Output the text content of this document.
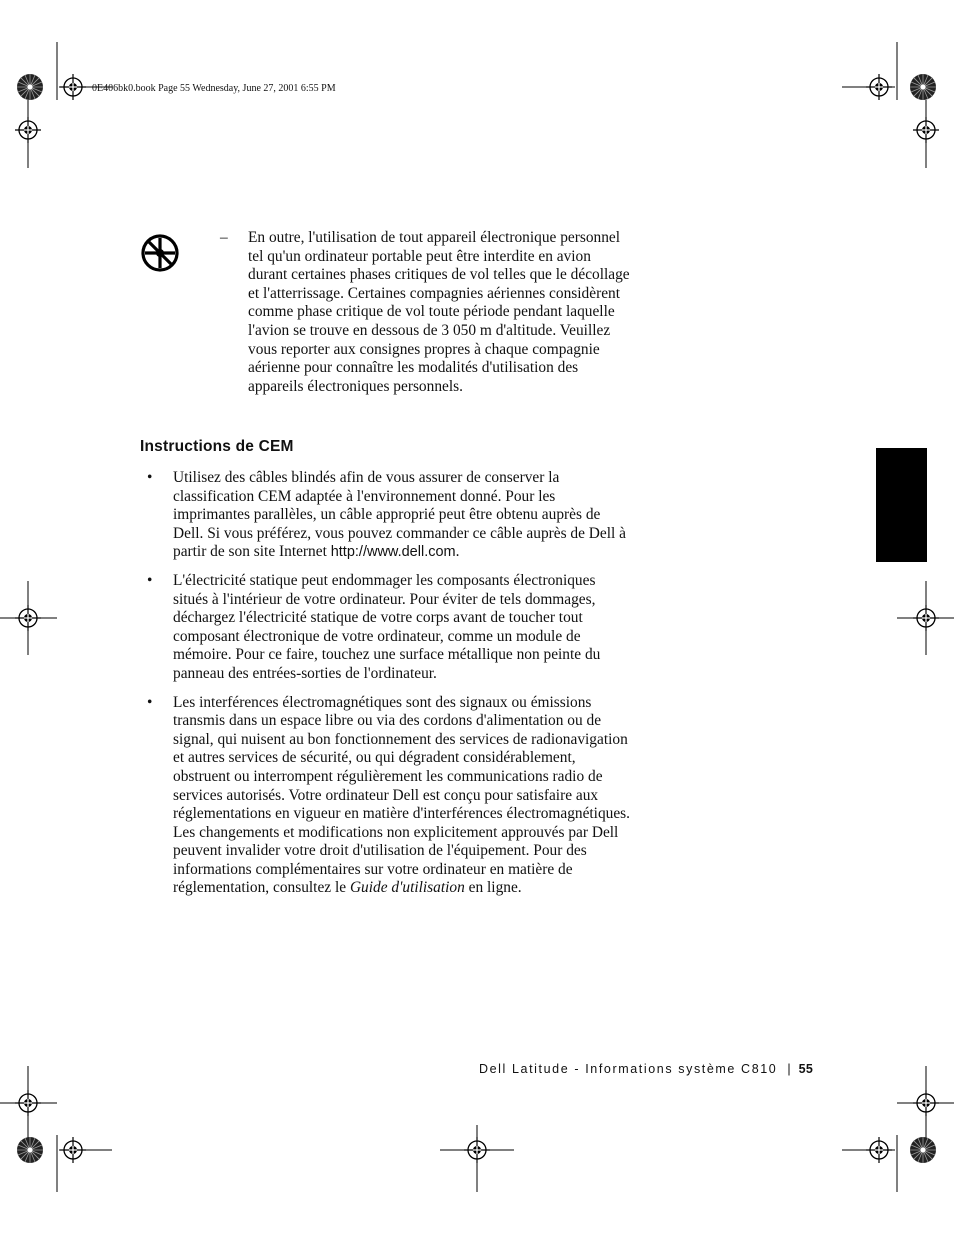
0E406bk0.book Page 55 Wednesday, June 27, 2001 6:55 PM
– En outre, l'utilisation de tout appareil électronique personnel tel qu'un ordinateur portable peut être interdite en avion durant certaines phases critiques de vol telles que le décollage et l'atterrissage. Certaines compagnies aériennes considèrent comme phase critique de vol toute période pendant laquelle l'avion se trouve en dessous de 3 050 m d'altitude. Veuillez vous reporter aux consignes propres à chaque compagnie aérienne pour connaître les modalités d'utilisation des appareils électroniques personnels.
Instructions de CEM
• Utilisez des câbles blindés afin de vous assurer de conserver la classification CEM adaptée à l'environnement donné. Pour les imprimantes parallèles, un câble approprié peut être obtenu auprès de Dell. Si vous préférez, vous pouvez commander ce câble auprès de Dell à partir de son site Internet http://www.dell.com.
• L'électricité statique peut endommager les composants électroniques situés à l'intérieur de votre ordinateur. Pour éviter de tels dommages, déchargez l'électricité statique de votre corps avant de toucher tout composant électronique de votre ordinateur, comme un module de mémoire. Pour ce faire, touchez une surface métallique non peinte du panneau des entrées-sorties de l'ordinateur.
• Les interférences électromagnétiques sont des signaux ou émissions transmis dans un espace libre ou via des cordons d'alimentation ou de signal, qui nuisent au bon fonctionnement des services de radionavigation et autres services de sécurité, ou qui dégradent considérablement, obstruent ou interrompent régulièrement les communications radio de services autorisés. Votre ordinateur Dell est conçu pour satisfaire aux réglementations en vigueur en matière d'interférences électromagnétiques. Les changements et modifications non explicitement approuvés par Dell peuvent invalider votre droit d'utilisation de l'équipement. Pour des informations complémentaires sur votre ordinateur en matière de réglementation, consultez le Guide d'utilisation en ligne.
Dell Latitude - Informations système C810 | 55
